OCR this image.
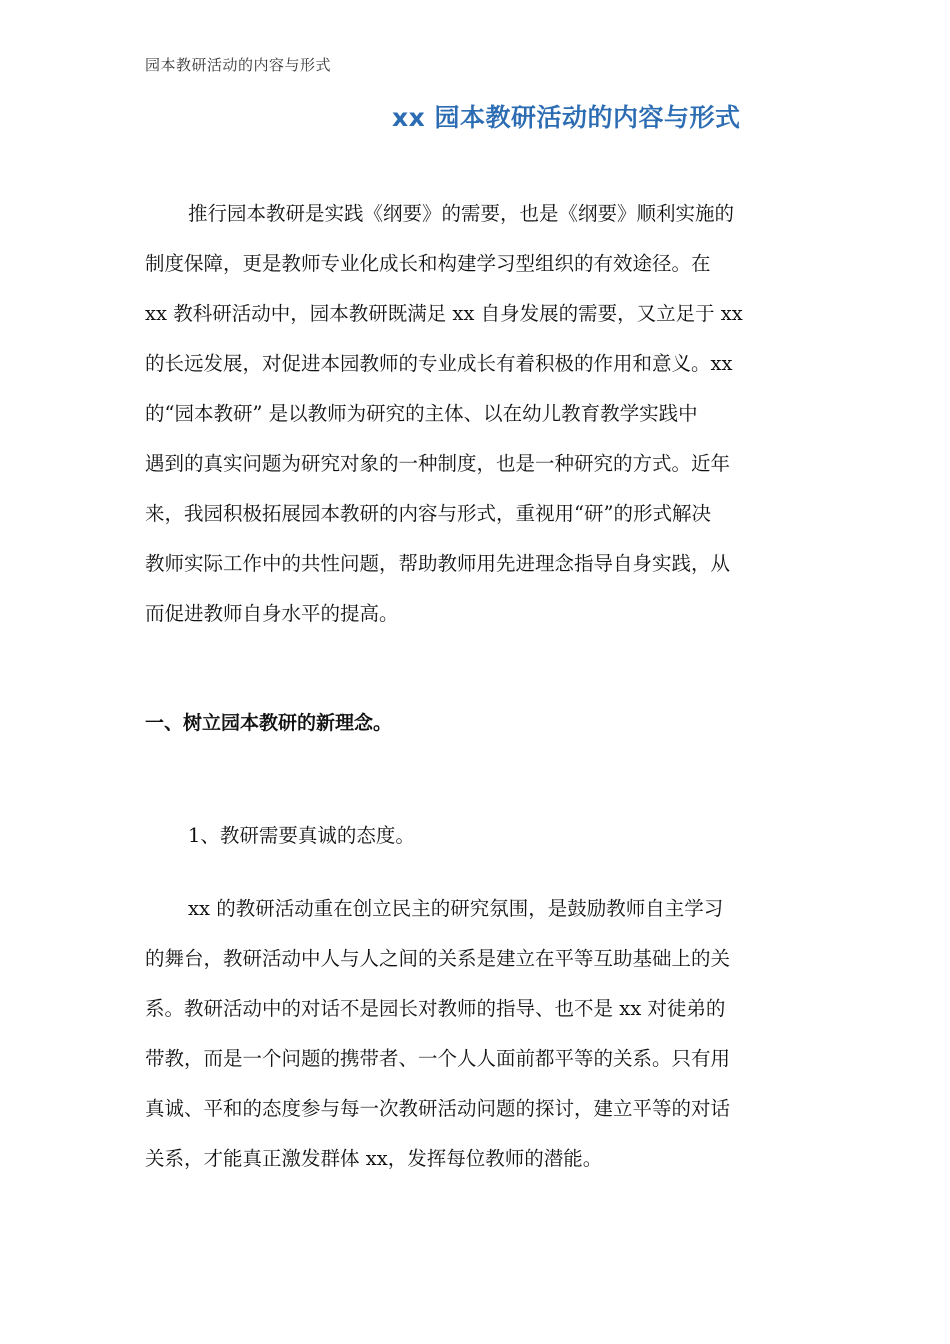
园本教研活动的内容与形式
xx 园本教研活动的内容与形式
推行园本教研是实践《纲要》的需要，也是《纲要》顺利实施的
制度保障，更是教师专业化成长和构建学习型组织的有效途径。在
xx 教科研活动中，园本教研既满足 xx 自身发展的需要，又立足于 xx
的长远发展，对促进本园教师的专业成长有着积极的作用和意义。xx
的“园本教研” 是以教师为研究的主体、以在幼儿教育教学实践中
遇到的真实问题为研究对象的一种制度，也是一种研究的方式。近年
来，我园积极拓展园本教研的内容与形式，重视用“研”的形式解决
教师实际工作中的共性问题，帮助教师用先进理念指导自身实践，从
而促进教师自身水平的提高。
一、树立园本教研的新理念。
1、教研需要真诚的态度。
xx 的教研活动重在创立民主的研究氛围，是鼓励教师自主学习
的舞台，教研活动中人与人之间的关系是建立在平等互助基础上的关
系。教研活动中的对话不是园长对教师的指导、也不是 xx 对徒弟的
带教，而是一个问题的携带者、一个人人面前都平等的关系。只有用
真诚、平和的态度参与每一次教研活动问题的探讨，建立平等的对话
关系，才能真正激发群体 xx，发挥每位教师的潜能。
